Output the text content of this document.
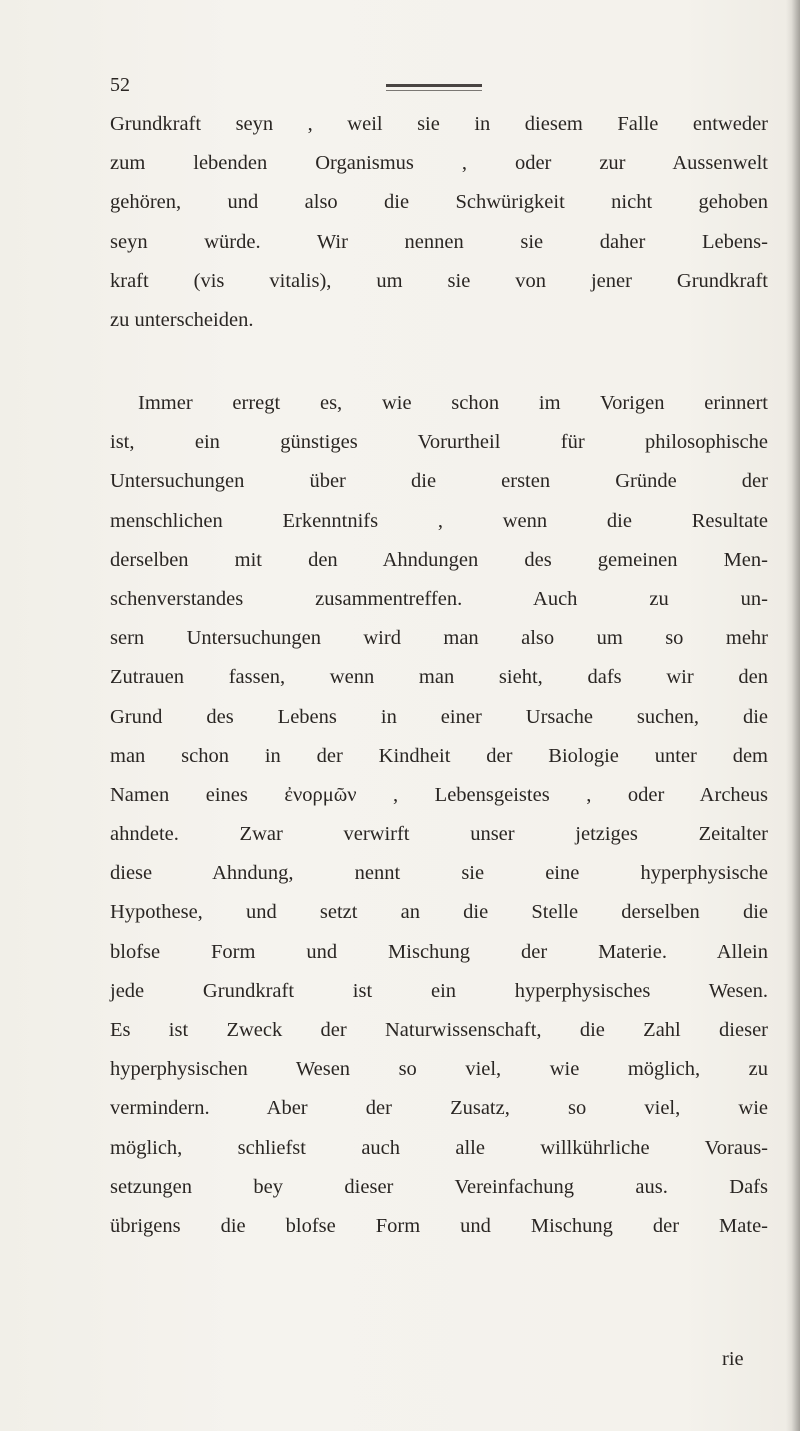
52
Grundkraft seyn , weil sie in diesem Falle entweder
zum lebenden Organismus , oder zur Aussenwelt
gehören, und also die Schwürigkeit nicht gehoben
seyn würde. Wir nennen sie daher Lebens-
kraft (vis vitalis), um sie von jener Grundkraft
zu unterscheiden.
Immer erregt es, wie schon im Vorigen erinnert
ist, ein günstiges Vorurtheil für philosophische
Untersuchungen über die ersten Gründe der
menschlichen Erkenntnifs , wenn die Resultate
derselben mit den Ahndungen des gemeinen Men-
schenverstandes zusammentreffen. Auch zu un-
sern Untersuchungen wird man also um so mehr
Zutrauen fassen, wenn man sieht, dafs wir den
Grund des Lebens in einer Ursache suchen, die
man schon in der Kindheit der Biologie unter dem
Namen eines ἐνορμῶν , Lebensgeistes , oder Archeus
ahndete. Zwar verwirft unser jetziges Zeitalter
diese Ahndung, nennt sie eine hyperphysische
Hypothese, und setzt an die Stelle derselben die
blofse Form und Mischung der Materie. Allein
jede Grundkraft ist ein hyperphysisches Wesen.
Es ist Zweck der Naturwissenschaft, die Zahl dieser
hyperphysischen Wesen so viel, wie möglich, zu
vermindern. Aber der Zusatz, so viel, wie
möglich, schliefst auch alle willkührliche Voraus-
setzungen bey dieser Vereinfachung aus. Dafs
übrigens die blofse Form und Mischung der Mate-
rie
